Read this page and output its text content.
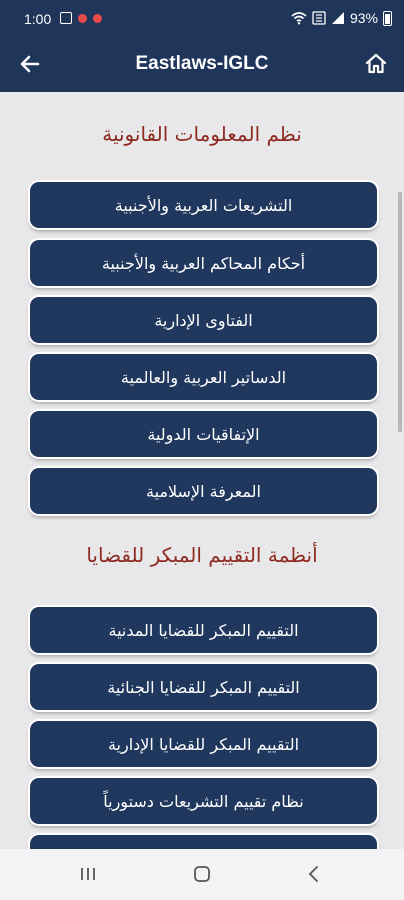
1:00	93%
Eastlaws-IGLC
نظم المعلومات القانونية
التشريعات العربية والأجنبية
أحكام المحاكم العربية والأجنبية
الفتاوى الإدارية
الدساتير العربية والعالمية
الإتفاقيات الدولية
المعرفة الإسلامية
أنظمة التقييم المبكر للقضايا
التقييم المبكر للقضايا المدنية
التقييم المبكر للقضايا الجنائية
التقييم المبكر للقضايا الإدارية
نظام تقييم التشريعات دستورياً
